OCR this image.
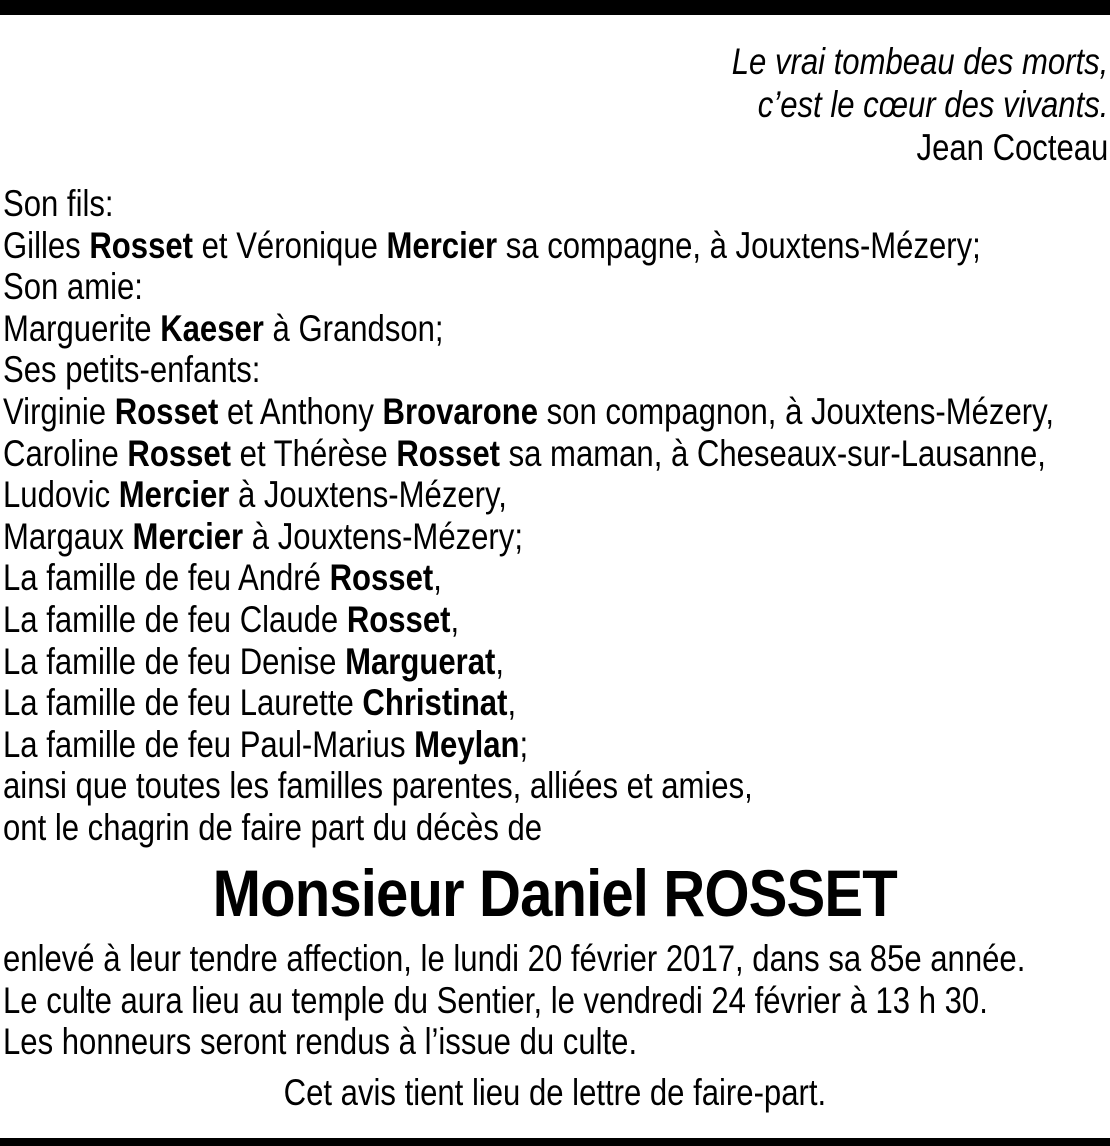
Le vrai tombeau des morts,
c’est le cœur des vivants.
Jean Cocteau
Son fils:
Gilles Rosset et Véronique Mercier sa compagne, à Jouxtens-Mézery;
Son amie:
Marguerite Kaeser à Grandson;
Ses petits-enfants:
Virginie Rosset et Anthony Brovarone son compagnon, à Jouxtens-Mézery,
Caroline Rosset et Thérèse Rosset sa maman, à Cheseaux-sur-Lausanne,
Ludovic Mercier à Jouxtens-Mézery,
Margaux Mercier à Jouxtens-Mézery;
La famille de feu André Rosset,
La famille de feu Claude Rosset,
La famille de feu Denise Marguerat,
La famille de feu Laurette Christinat,
La famille de feu Paul-Marius Meylan;
ainsi que toutes les familles parentes, alliées et amies,
ont le chagrin de faire part du décès de
Monsieur Daniel ROSSET
enlevé à leur tendre affection, le lundi 20 février 2017, dans sa 85e année.
Le culte aura lieu au temple du Sentier, le vendredi 24 février à 13 h 30.
Les honneurs seront rendus à l’issue du culte.
Cet avis tient lieu de lettre de faire-part.
